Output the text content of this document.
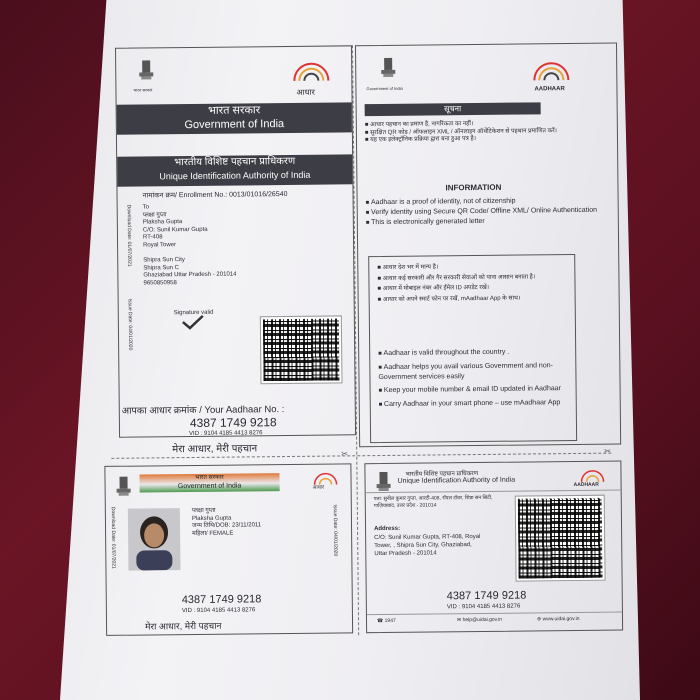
भारत सरकार	आधार
भारत सरकार
Government of India
भारतीय विशिष्ट पहचान प्राधिकरण
Unique Identification Authority of India
नामांकन क्रम/ Enrollment No.: 0013/01016/26540
Download Date: 01/07/2021
Issue Date: 04/01/2020
To
प्लक्षा गुप्ता
Plaksha Gupta
C/O: Sunil Kumar Gupta
RT-408
Royal Tower
Shipra Sun City
Shipra Sun C
Ghaziabad Uttar Pradesh - 201014
9650850958
Signature valid
आपका आधार क्रमांक / Your Aadhaar No. :
4387 1749 9218
VID : 9104 4185 4413 8276
मेरा आधार, मेरी पहचान
Government of India	AADHAAR
सूचना
■ आधार पहचान का प्रमाण है, नागरिकता का नहीं।
■ सुरक्षित QR कोड / ऑफलाइन XML / ऑनलाइन ऑथेंटिकेशन से पहचान प्रमाणित करें।
■ यह एक इलेक्ट्रॉनिक प्रक्रिया द्वारा बना हुआ पत्र है।
INFORMATION
■ Aadhaar is a proof of identity, not of citizenship
■ Verify identity using Secure QR Code/ Offline XML/ Online Authentication
■ This is electronically generated letter
■ आधार देश भर में मान्य है।
■ आधार कई सरकारी और गैर सरकारी सेवाओं को पाना आसान बनाता है।
■ आधार में मोबाइल नंबर और ईमेल ID अपडेट रखें।
■ आधार को अपने स्मार्ट फोन पर रखें, mAadhaar App के साथ।
■ Aadhaar is valid throughout the country .
■ Aadhaar helps you avail various Government and non-Government services easily
■ Keep your mobile number & email ID updated in Aadhaar
■ Carry Aadhaar in your smart phone – use mAadhaar App
✂	✂
भारत सरकार
Government of India	आधार
Download Date: 01/07/2021	Issue Date: 04/01/2020
प्लक्षा गुप्ता
Plaksha Gupta
जन्म तिथि/DOB: 23/11/2011
महिला/ FEMALE
4387 1749 9218
VID : 9104 4185 4413 8276
मेरा आधार, मेरी पहचान
भारतीय विशिष्ट पहचान प्राधिकरण
Unique Identification Authority of India
AADHAAR
पता: सुनील कुमार गुप्ता, आरटी-408, रॉयल टॉवर, शिप्रा सन सिटी, गाज़ियाबाद, उत्तर प्रदेश - 201014
Address:
C/O: Sunil Kumar Gupta, RT-408, Royal
Tower, , Shipra Sun City, Ghaziabad,
Uttar Pradesh - 201014
4387 1749 9218
VID : 9104 4185 4413 8276
☎ 1947	✉ help@uidai.gov.in	⊕ www.uidai.gov.in
